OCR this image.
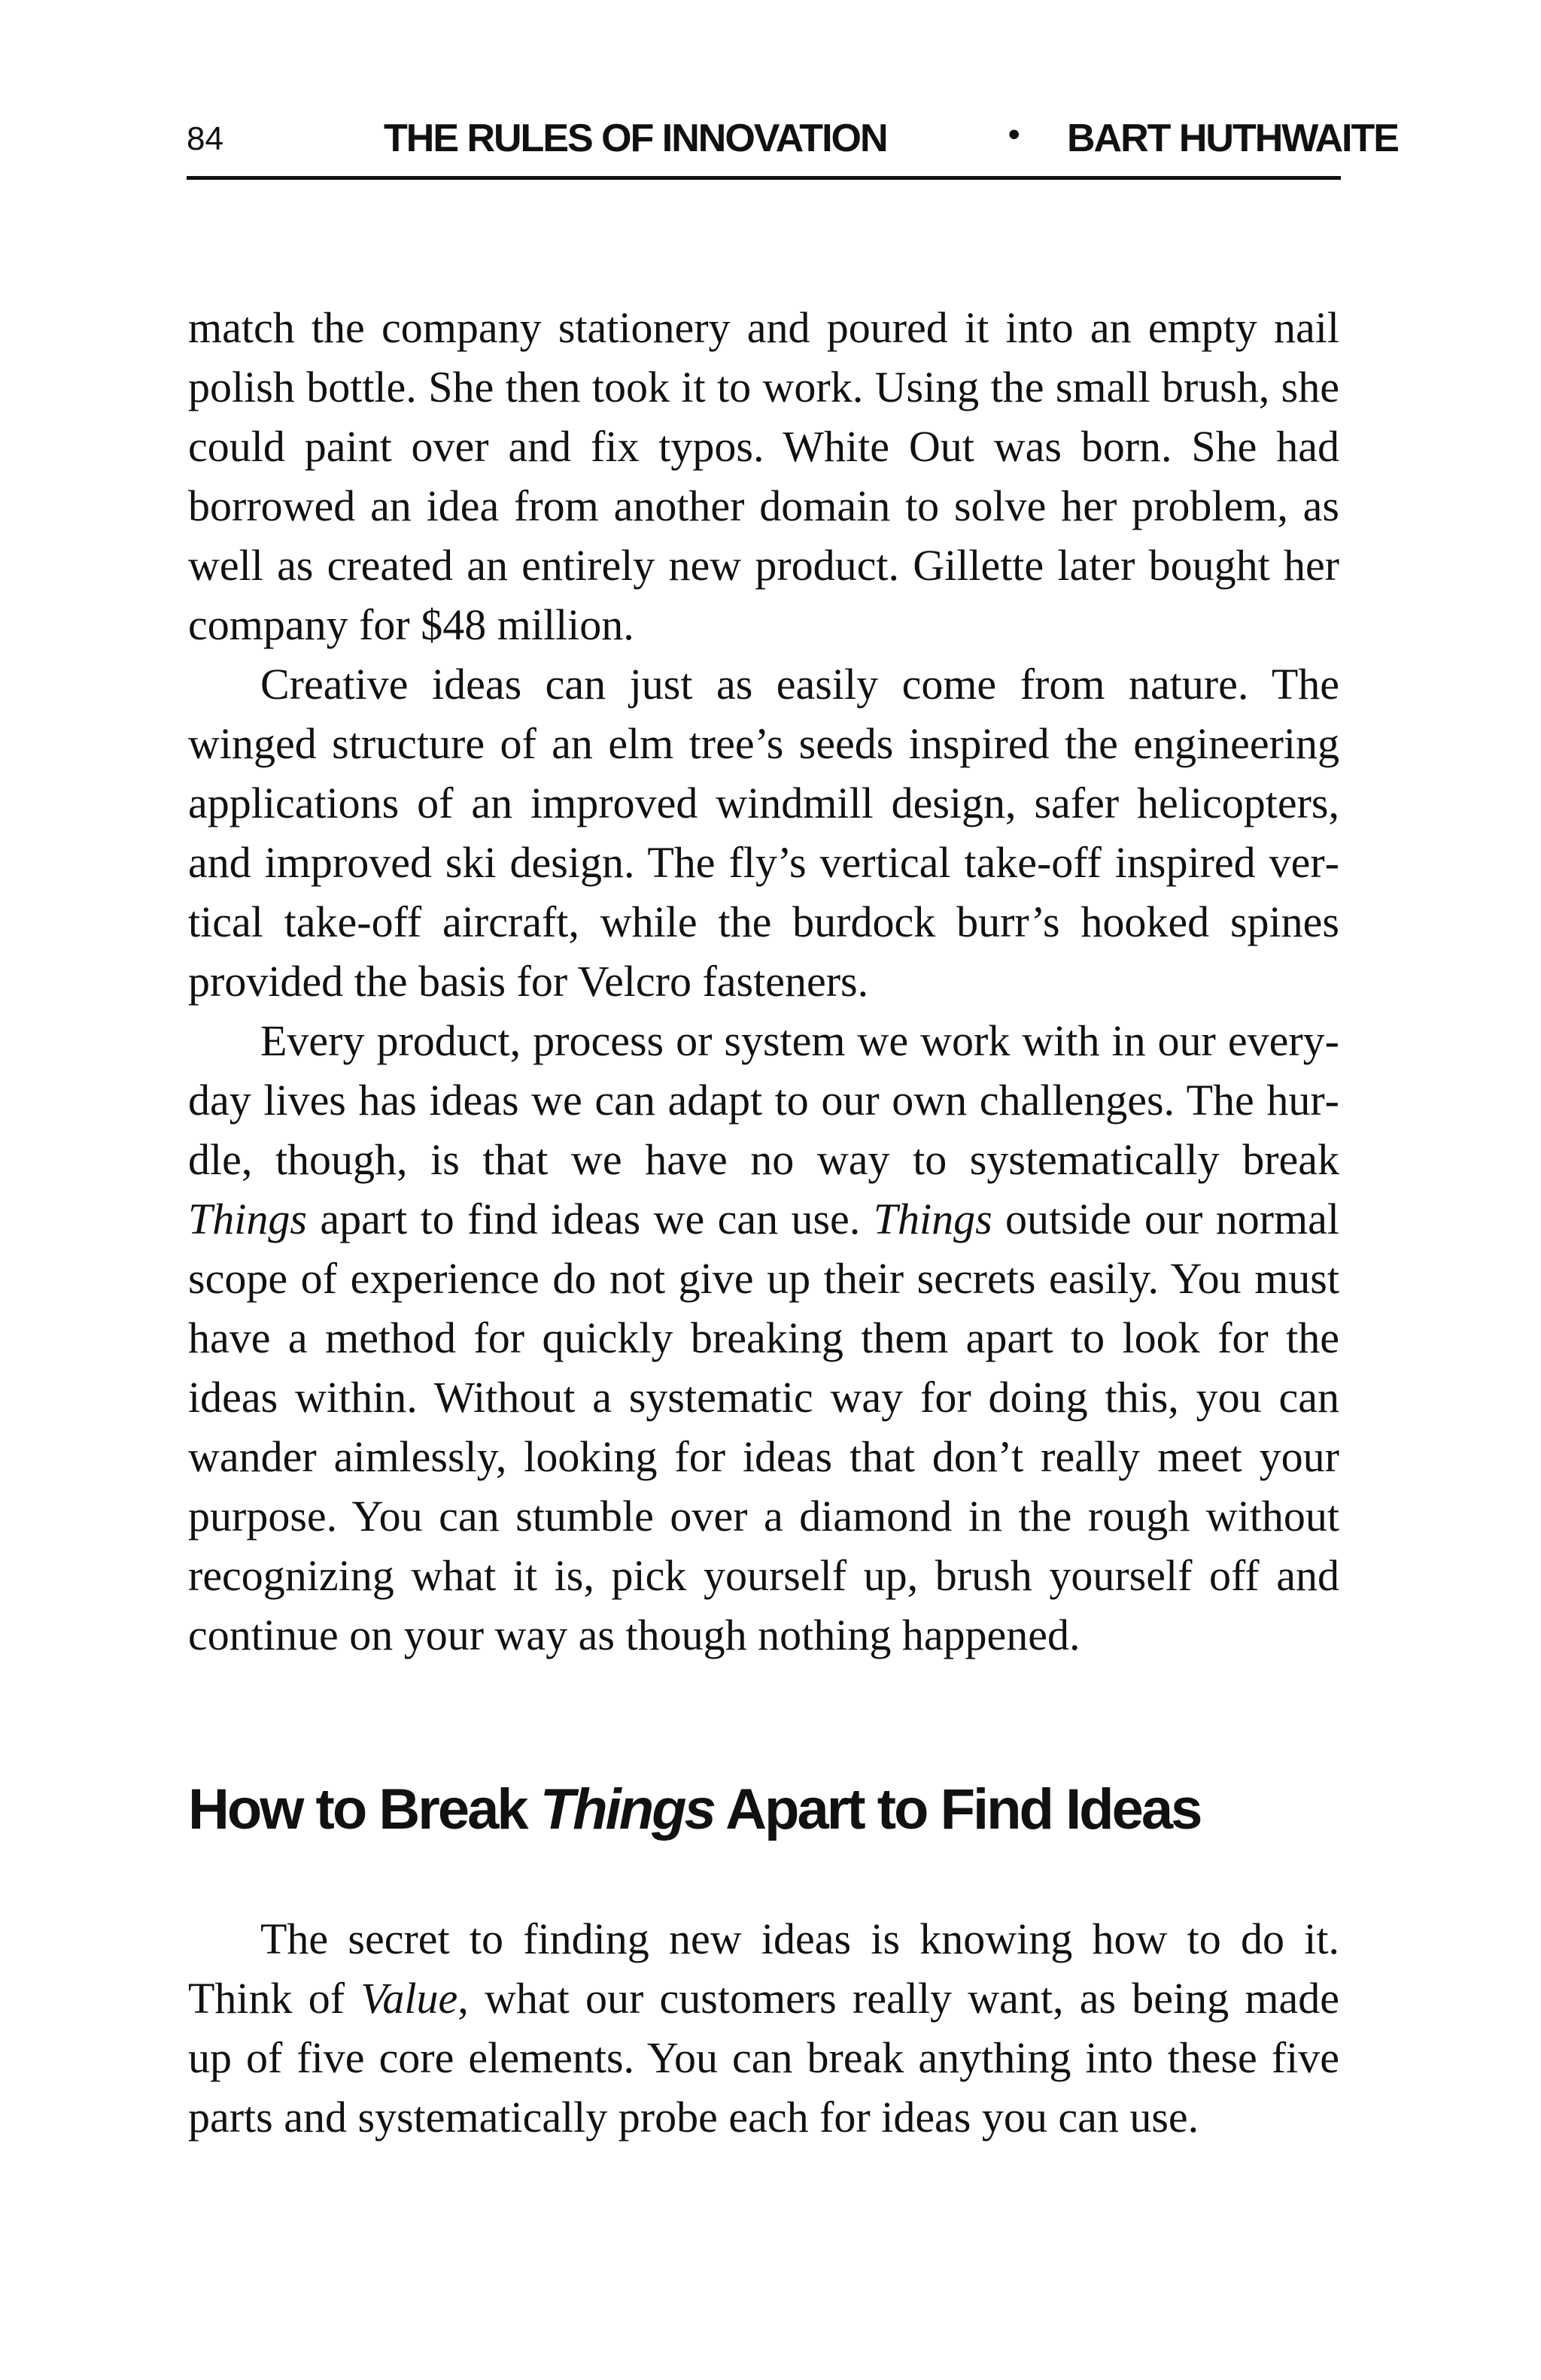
84	THE RULES OF INNOVATION	• BART HUTHWAITE

match the company stationery and poured it into an empty nail polish bottle. She then took it to work. Using the small brush, she could paint over and fix typos. White Out was born. She had borrowed an idea from another domain to solve her problem, as well as created an entirely new product. Gillette later bought her company for $48 million.

Creative ideas can just as easily come from nature. The winged structure of an elm tree’s seeds inspired the engineering applications of an improved windmill design, safer helicopters, and improved ski design. The fly’s vertical take-off inspired vertical take-off aircraft, while the burdock burr’s hooked spines provided the basis for Velcro fasteners.

Every product, process or system we work with in our everyday lives has ideas we can adapt to our own challenges. The hurdle, though, is that we have no way to systematically break Things apart to find ideas we can use. Things outside our normal scope of experience do not give up their secrets easily. You must have a method for quickly breaking them apart to look for the ideas within. Without a systematic way for doing this, you can wander aimlessly, looking for ideas that don’t really meet your purpose. You can stumble over a diamond in the rough without recognizing what it is, pick yourself up, brush yourself off and continue on your way as though nothing happened.

How to Break Things Apart to Find Ideas

The secret to finding new ideas is knowing how to do it. Think of Value, what our customers really want, as being made up of five core elements. You can break anything into these five parts and systematically probe each for ideas you can use.
